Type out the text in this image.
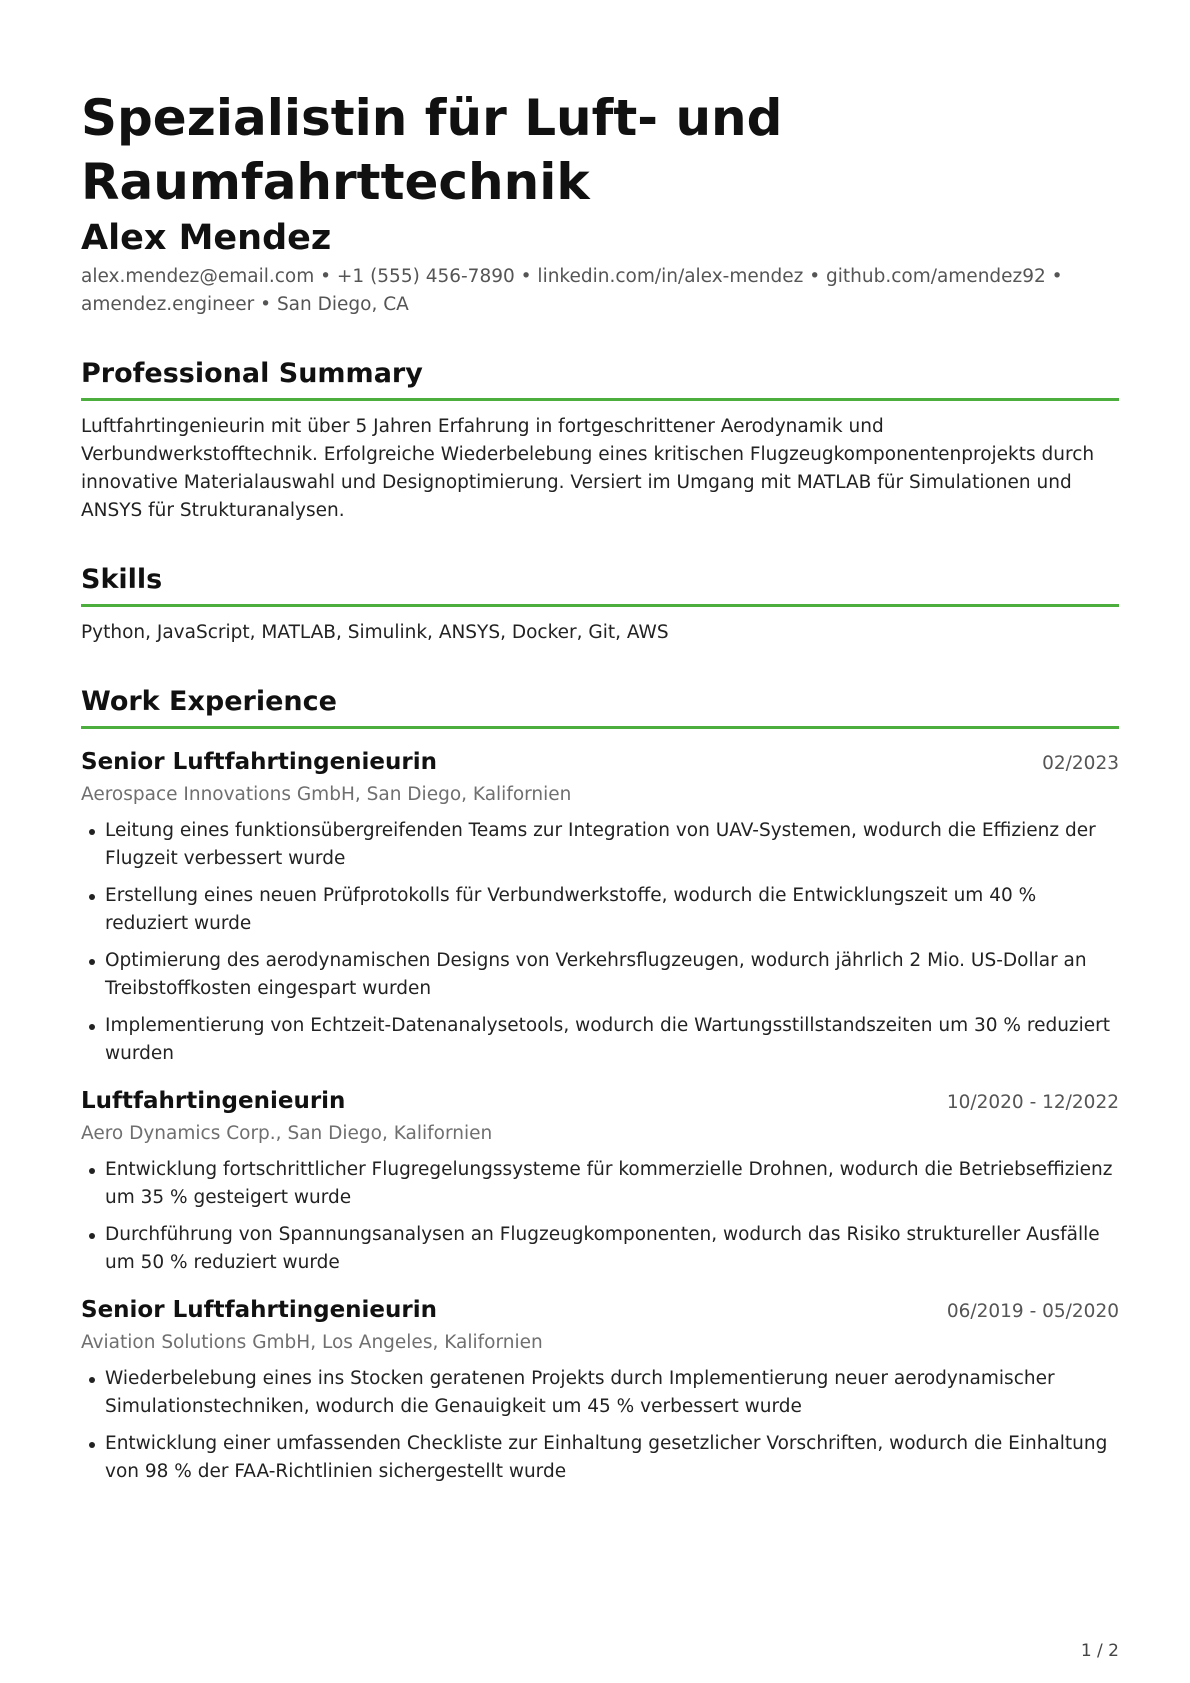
Spezialistin für Luft- und Raumfahrttechnik
Alex Mendez

alex.mendez@email.com • +1 (555) 456-7890 • linkedin.com/in/alex-mendez • github.com/amendez92 • amendez.engineer • San Diego, CA

Professional Summary

Luftfahrtingenieurin mit über 5 Jahren Erfahrung in fortgeschrittener Aerodynamik und Verbundwerkstofftechnik. Erfolgreiche Wiederbelebung eines kritischen Flugzeugkomponentenprojekts durch innovative Materialauswahl und Designoptimierung. Versiert im Umgang mit MATLAB für Simulationen und ANSYS für Strukturanalysen.

Skills

Python, JavaScript, MATLAB, Simulink, ANSYS, Docker, Git, AWS

Work Experience
Senior Luftfahrtingenieurin	02/2023
Aerospace Innovations GmbH, San Diego, Kalifornien
Leitung eines funktionsübergreifenden Teams zur Integration von UAV-Systemen, wodurch die Effizienz der Flugzeit verbessert wurde
Erstellung eines neuen Prüfprotokolls für Verbundwerkstoffe, wodurch die Entwicklungszeit um 40 % reduziert wurde
Optimierung des aerodynamischen Designs von Verkehrsflugzeugen, wodurch jährlich 2 Mio. US-Dollar an Treibstoffkosten eingespart wurden
Implementierung von Echtzeit-Datenanalysetools, wodurch die Wartungsstillstandszeiten um 30 % reduziert wurden
Luftfahrtingenieurin	10/2020 - 12/2022
Aero Dynamics Corp., San Diego, Kalifornien
Entwicklung fortschrittlicher Flugregelungssysteme für kommerzielle Drohnen, wodurch die Betriebseffizienz um 35 % gesteigert wurde
Durchführung von Spannungsanalysen an Flugzeugkomponenten, wodurch das Risiko struktureller Ausfälle um 50 % reduziert wurde
Senior Luftfahrtingenieurin	06/2019 - 05/2020
Aviation Solutions GmbH, Los Angeles, Kalifornien
Wiederbelebung eines ins Stocken geratenen Projekts durch Implementierung neuer aerodynamischer Simulationstechniken, wodurch die Genauigkeit um 45 % verbessert wurde
Entwicklung einer umfassenden Checkliste zur Einhaltung gesetzlicher Vorschriften, wodurch die Einhaltung von 98 % der FAA-Richtlinien sichergestellt wurde
1 / 2
